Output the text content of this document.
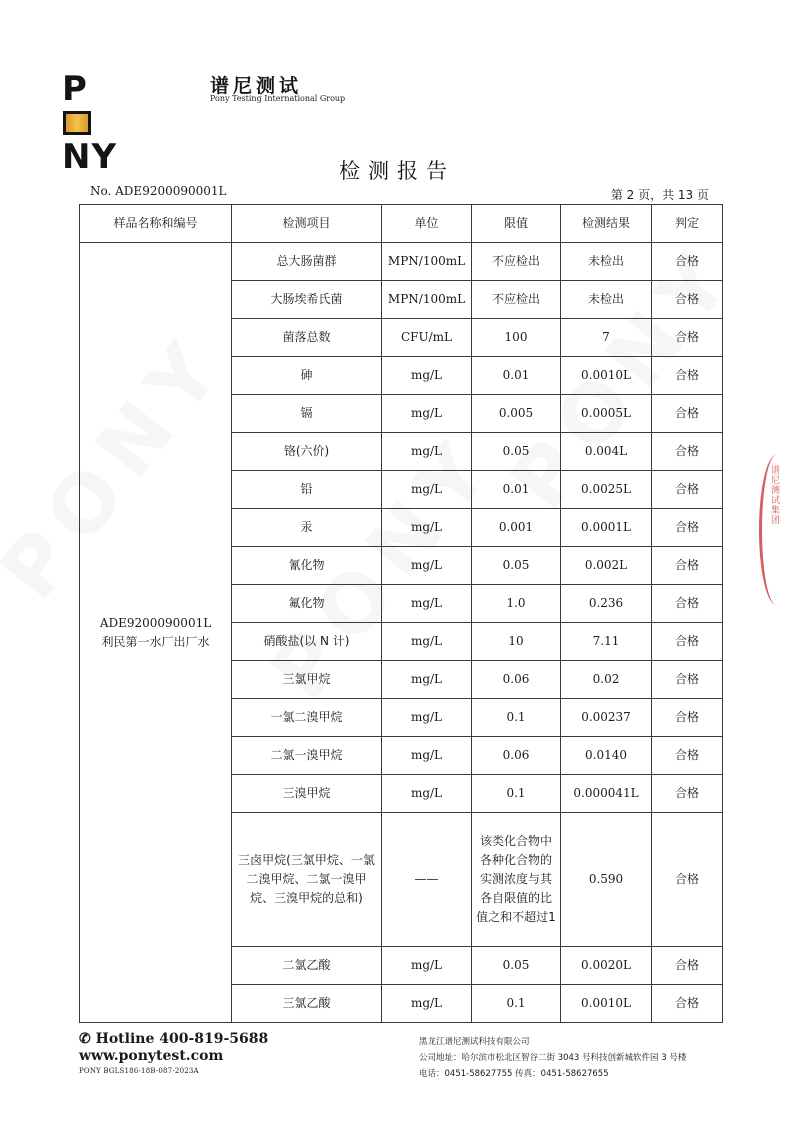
PNY
谱尼测试
Pony Testing International Group
检测报告
No. ADE9200090001L	第 2 页，共 13 页
样品名称和编号	检测项目	单位	限值	检测结果	判定

ADE9200090001L
利民第一水厂出厂水	总大肠菌群	MPN/100mL	不应检出	未检出	合格
	大肠埃希氏菌	MPN/100mL	不应检出	未检出	合格
	菌落总数	CFU/mL	100	7	合格
	砷	mg/L	0.01	0.0010L	合格
	镉	mg/L	0.005	0.0005L	合格
	铬(六价)	mg/L	0.05	0.004L	合格
	铅	mg/L	0.01	0.0025L	合格
	汞	mg/L	0.001	0.0001L	合格
	氰化物	mg/L	0.05	0.002L	合格
	氟化物	mg/L	1.0	0.236	合格
	硝酸盐(以 N 计)	mg/L	10	7.11	合格
	三氯甲烷	mg/L	0.06	0.02	合格
	一氯二溴甲烷	mg/L	0.1	0.00237	合格
	二氯一溴甲烷	mg/L	0.06	0.0140	合格
	三溴甲烷	mg/L	0.1	0.000041L	合格
	三卤甲烷(三氯甲烷、一氯二溴甲烷、二氯一溴甲烷、三溴甲烷的总和)	——	该类化合物中各种化合物的实测浓度与其各自限值的比值之和不超过1	0.590	合格
	二氯乙酸	mg/L	0.05	0.0020L	合格
	三氯乙酸	mg/L	0.1	0.0010L	合格
谱尼测试集团
✆ Hotline 400-819-5688
www.ponytest.com
PONY BGLS186-18B-087-2023A
黑龙江谱尼测试科技有限公司
公司地址：哈尔滨市松北区智谷二街 3043 号科技创新城软件园 3 号楼
电话：0451-58627755 传真：0451-58627655
